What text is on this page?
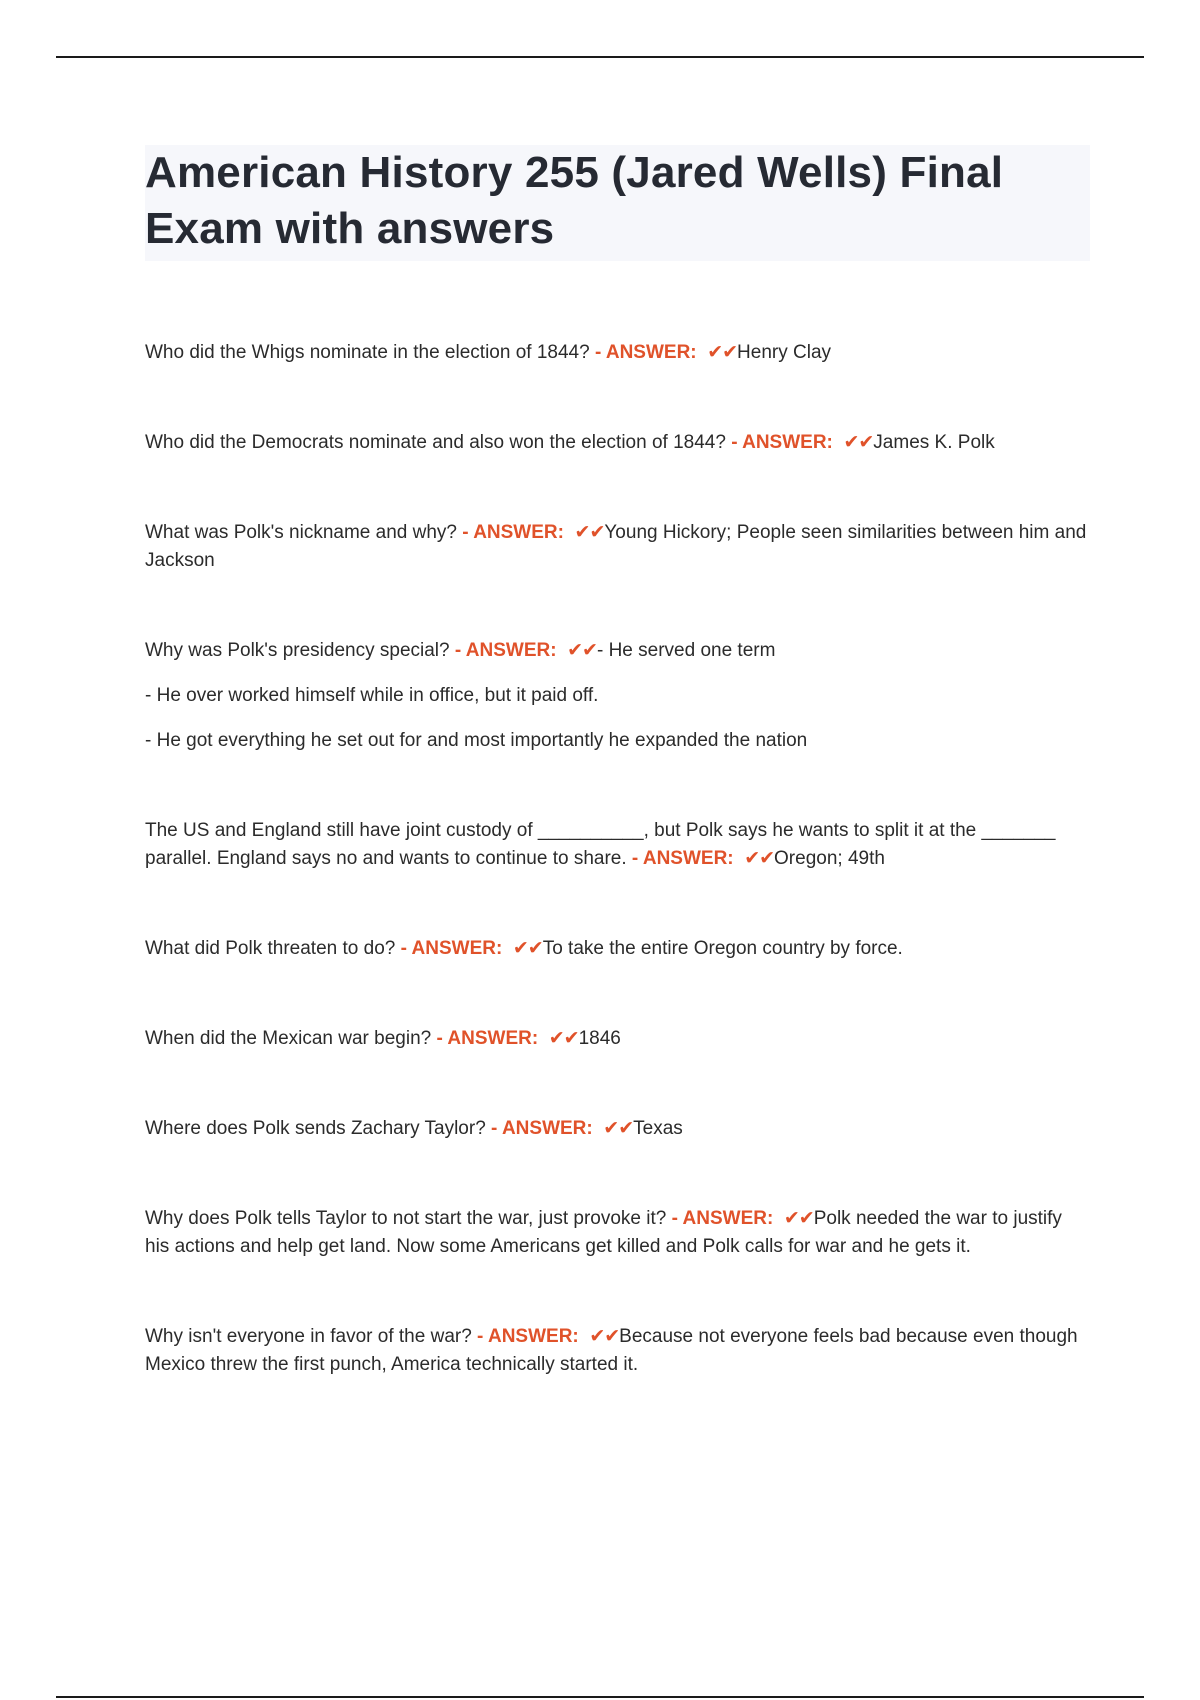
American History 255 (Jared Wells) Final Exam with answers
Who did the Whigs nominate in the election of 1844? - ANSWER: ✔✔Henry Clay
Who did the Democrats nominate and also won the election of 1844? - ANSWER: ✔✔James K. Polk
What was Polk's nickname and why? - ANSWER: ✔✔Young Hickory; People seen similarities between him and Jackson
Why was Polk's presidency special? - ANSWER: ✔✔- He served one term
- He over worked himself while in office, but it paid off.
- He got everything he set out for and most importantly he expanded the nation
The US and England still have joint custody of __________, but Polk says he wants to split it at the _______ parallel. England says no and wants to continue to share. - ANSWER: ✔✔Oregon; 49th
What did Polk threaten to do? - ANSWER: ✔✔To take the entire Oregon country by force.
When did the Mexican war begin? - ANSWER: ✔✔1846
Where does Polk sends Zachary Taylor? - ANSWER: ✔✔Texas
Why does Polk tells Taylor to not start the war, just provoke it? - ANSWER: ✔✔Polk needed the war to justify his actions and help get land. Now some Americans get killed and Polk calls for war and he gets it.
Why isn't everyone in favor of the war? - ANSWER: ✔✔Because not everyone feels bad because even though Mexico threw the first punch, America technically started it.
